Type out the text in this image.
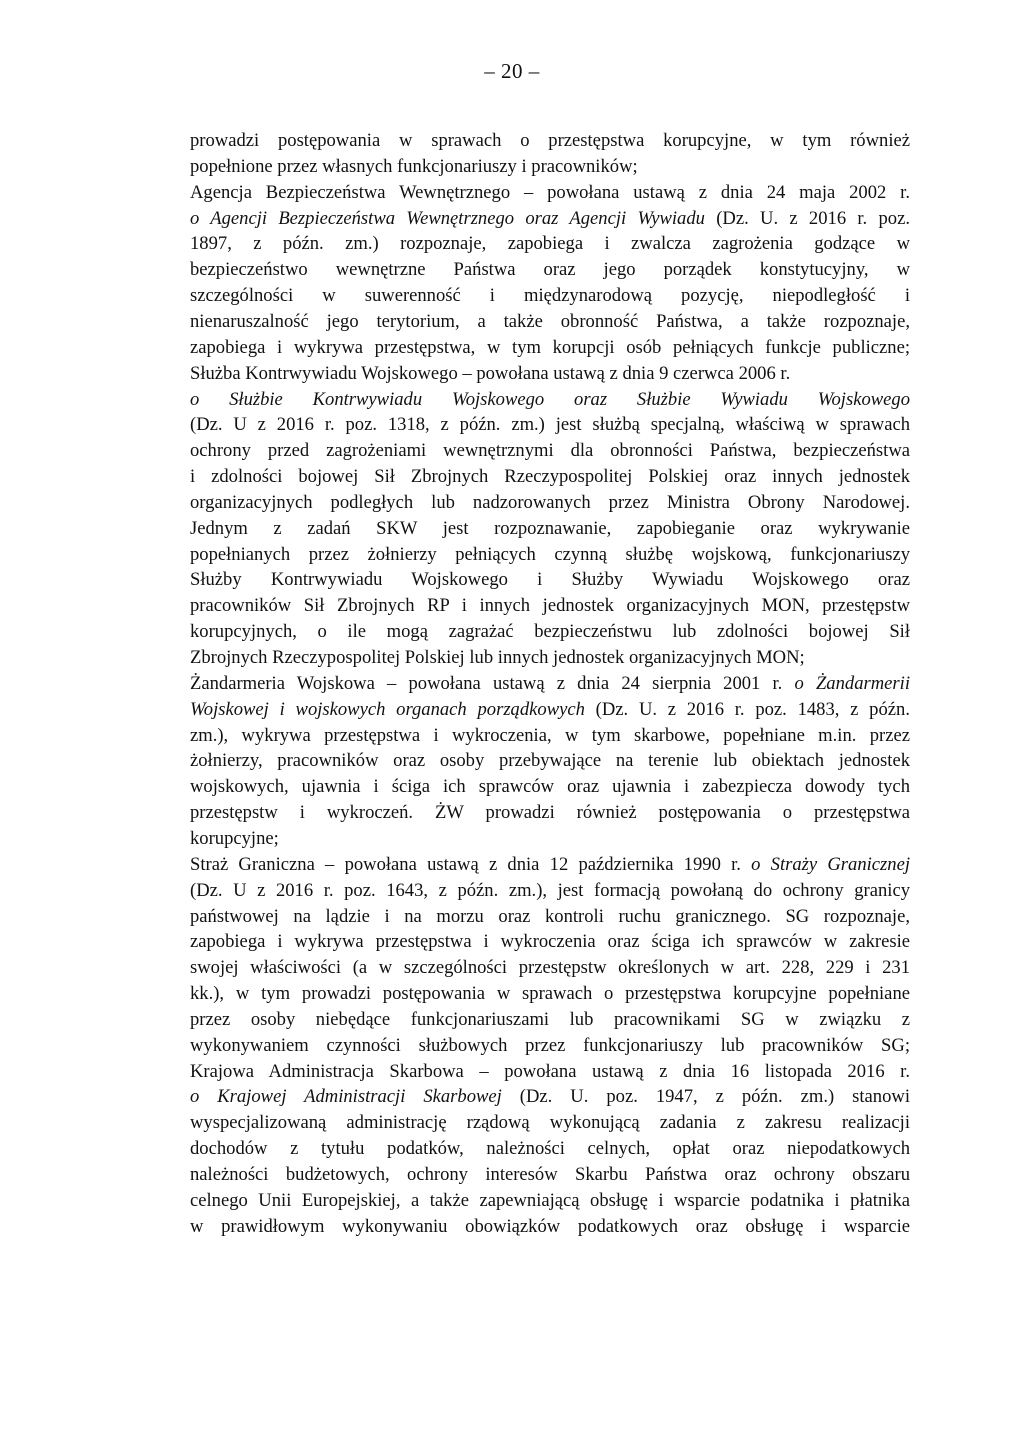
– 20 –
prowadzi postępowania w sprawach o przestępstwa korupcyjne, w tym również
popełnione przez własnych funkcjonariuszy i pracowników;
Agencja Bezpieczeństwa Wewnętrznego – powołana ustawą z dnia 24 maja 2002 r.
o Agencji Bezpieczeństwa Wewnętrznego oraz Agencji Wywiadu (Dz. U. z 2016 r. poz.
1897, z późn. zm.) rozpoznaje, zapobiega i zwalcza zagrożenia godzące w
bezpieczeństwo wewnętrzne Państwa oraz jego porządek konstytucyjny, w
szczególności w suwerenność i międzynarodową pozycję, niepodległość i
nienaruszalność jego terytorium, a także obronność Państwa, a także rozpoznaje,
zapobiega i wykrywa przestępstwa, w tym korupcji osób pełniących funkcje publiczne;
Służba Kontrwywiadu Wojskowego – powołana ustawą z dnia 9 czerwca 2006 r.
o Służbie Kontrwywiadu Wojskowego oraz Służbie Wywiadu Wojskowego
(Dz. U z 2016 r. poz. 1318, z późn. zm.) jest służbą specjalną, właściwą w sprawach
ochrony przed zagrożeniami wewnętrznymi dla obronności Państwa, bezpieczeństwa
i zdolności bojowej Sił Zbrojnych Rzeczypospolitej Polskiej oraz innych jednostek
organizacyjnych podległych lub nadzorowanych przez Ministra Obrony Narodowej.
Jednym z zadań SKW jest rozpoznawanie, zapobieganie oraz wykrywanie
popełnianych przez żołnierzy pełniących czynną służbę wojskową, funkcjonariuszy
Służby Kontrwywiadu Wojskowego i Służby Wywiadu Wojskowego oraz
pracowników Sił Zbrojnych RP i innych jednostek organizacyjnych MON, przestępstw
korupcyjnych, o ile mogą zagrażać bezpieczeństwu lub zdolności bojowej Sił
Zbrojnych Rzeczypospolitej Polskiej lub innych jednostek organizacyjnych MON;
Żandarmeria Wojskowa – powołana ustawą z dnia 24 sierpnia 2001 r. o Żandarmerii
Wojskowej i wojskowych organach porządkowych (Dz. U. z 2016 r. poz. 1483, z późn.
zm.), wykrywa przestępstwa i wykroczenia, w tym skarbowe, popełniane m.in. przez
żołnierzy, pracowników oraz osoby przebywające na terenie lub obiektach jednostek
wojskowych, ujawnia i ściga ich sprawców oraz ujawnia i zabezpiecza dowody tych
przestępstw i wykroczeń. ŻW prowadzi również postępowania o przestępstwa
korupcyjne;
Straż Graniczna – powołana ustawą z dnia 12 października 1990 r. o Straży Granicznej
(Dz. U z 2016 r. poz. 1643, z późn. zm.), jest formacją powołaną do ochrony granicy
państwowej na lądzie i na morzu oraz kontroli ruchu granicznego. SG rozpoznaje,
zapobiega i wykrywa przestępstwa i wykroczenia oraz ściga ich sprawców w zakresie
swojej właściwości (a w szczególności przestępstw określonych w art. 228, 229 i 231
kk.), w tym prowadzi postępowania w sprawach o przestępstwa korupcyjne popełniane
przez osoby niebędące funkcjonariuszami lub pracownikami SG w związku z
wykonywaniem czynności służbowych przez funkcjonariuszy lub pracowników SG;
Krajowa Administracja Skarbowa – powołana ustawą z dnia 16 listopada 2016 r.
o Krajowej Administracji Skarbowej (Dz. U. poz. 1947, z późn. zm.) stanowi
wyspecjalizowaną administrację rządową wykonującą zadania z zakresu realizacji
dochodów z tytułu podatków, należności celnych, opłat oraz niepodatkowych
należności budżetowych, ochrony interesów Skarbu Państwa oraz ochrony obszaru
celnego Unii Europejskiej, a także zapewniającą obsługę i wsparcie podatnika i płatnika
w prawidłowym wykonywaniu obowiązków podatkowych oraz obsługę i wsparcie
